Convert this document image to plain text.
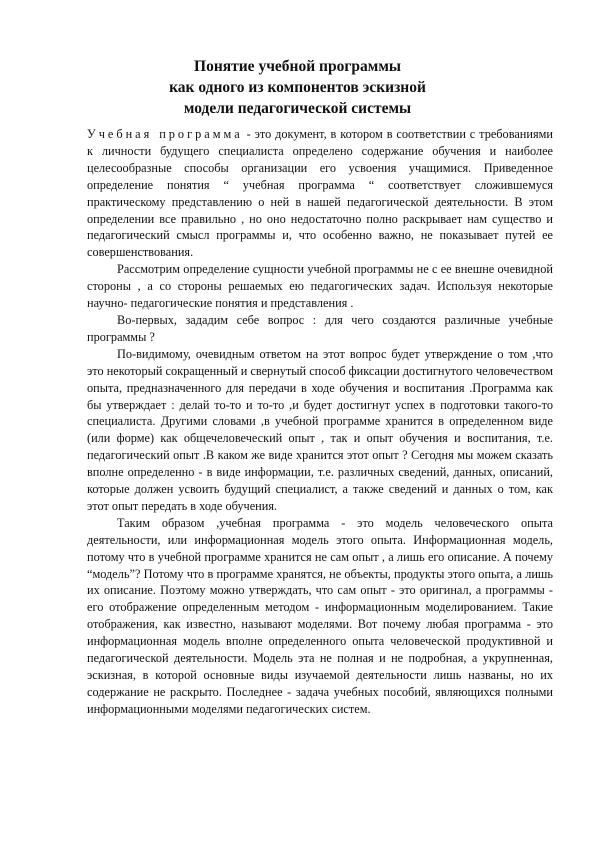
Понятие учебной программы
как одного из компонентов эскизной
модели педагогической системы

Учебная программа - это документ, в котором в соответствии с требованиями к личности будущего специалиста определено содержание обучения и наиболее целесообразные способы организации его усвоения учащимися. Приведенное определение понятия “ учебная программа “ соответствует сложившемуся практическому представлению о ней в нашей педагогической деятельности. В этом определении все правильно , но оно недостаточно полно раскрывает нам существо и педагогический смысл программы и, что особенно важно, не показывает путей ее совершенствования.

Рассмотрим определение сущности учебной программы не с ее внешне очевидной стороны , а со стороны решаемых ею педагогических задач. Используя некоторые научно- педагогические понятия и представления .

Во-первых, зададим себе вопрос : для чего создаются различные учебные программы ?

По-видимому, очевидным ответом на этот вопрос будет утверждение о том ,что это некоторый сокращенный и свернутый способ фиксации достигнутого человечеством опыта, предназначенного для передачи в ходе обучения и воспитания .Программа как бы утверждает : делай то-то и то-то ,и будет достигнут успех в подготовки такого-то специалиста. Другими словами ,в учебной программе хранится в определенном виде (или форме) как общечеловеческий опыт , так и опыт обучения и воспитания, т.е. педагогический опыт .В каком же виде хранится этот опыт ? Сегодня мы можем сказать вполне определенно - в виде информации, т.е. различных сведений, данных, описаний, которые должен усвоить будущий специалист, а также сведений и данных о том, как этот опыт передать в ходе обучения.

Таким образом ,учебная программа - это модель человеческого опыта деятельности, или информационная модель этого опыта. Информационная модель, потому что в учебной программе хранится не сам опыт , а лишь его описание. А почему “модель”? Потому что в программе хранятся, не объекты, продукты этого опыта, а лишь их описание. Поэтому можно утверждать, что сам опыт - это оригинал, а программы - его отображение определенным методом - информационным моделированием. Такие отображения, как известно, называют моделями. Вот почему любая программа - это информационная модель вполне определенного опыта человеческой продуктивной и педагогической деятельности. Модель эта не полная и не подробная, а укрупненная, эскизная, в которой основные виды изучаемой деятельности лишь названы, но их содержание не раскрыто. Последнее - задача учебных пособий, являющихся полными информационными моделями педагогических систем.
